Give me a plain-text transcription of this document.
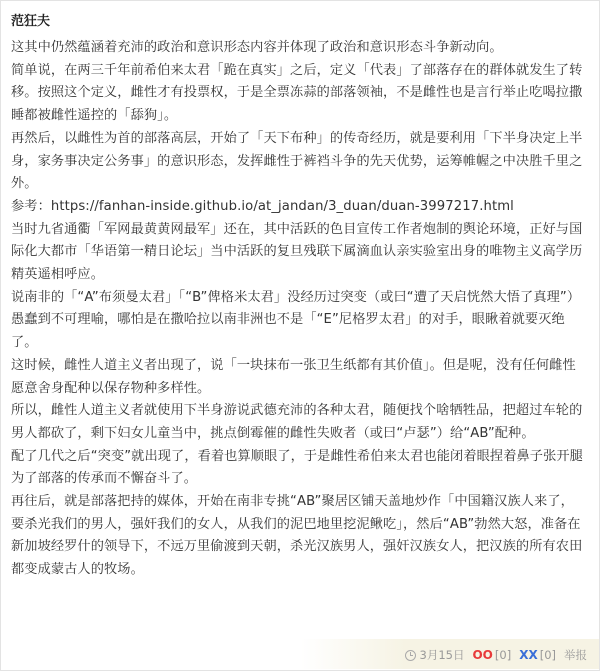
范狂夫

这其中仍然蕴涵着充沛的政治和意识形态内容并体现了政治和意识形态斗争新动向。

简单说，在两三千年前希伯来太君「跪在真实」之后，定义「代表」了部落存在的群体就发生了转移。按照这个定义，雌性才有投票权，于是全票冻蒜的部落领袖，不是雌性也是言行举止吃喝拉撒睡都被雌性遥控的「舔狗」。

再然后，以雌性为首的部落高层，开始了「天下布种」的传奇经历，就是要利用「下半身决定上半身，家务事决定公务事」的意识形态，发挥雌性于裤裆斗争的先天优势，运筹帷幄之中决胜千里之外。

参考：https://fanhan-inside.github.io/at_jandan/3_duan/duan-3997217.html

当时九省通衢「军网最黄黄网最军」还在，其中活跃的色目宣传工作者炮制的舆论环境，正好与国际化大都市「华语第一精日论坛」当中活跃的复旦残联下属滴血认亲实验室出身的唯物主义高学历精英遥相呼应。

说南非的「“A”布须曼太君」「“B”俾格米太君」没经历过突变（或曰“遭了天启恍然大悟了真理”）愚蠢到不可理喻，哪怕是在撒哈拉以南非洲也不是「“E”尼格罗太君」的对手，眼瞅着就要灭绝了。

这时候，雌性人道主义者出现了，说「一块抹布一张卫生纸都有其价值」。但是呢，没有任何雌性愿意舍身配种以保存物种多样性。

所以，雌性人道主义者就使用下半身游说武德充沛的各种太君，随便找个啥牺牲品，把超过车轮的男人都砍了，剩下妇女儿童当中，挑点倒霉催的雌性失败者（或曰“卢瑟”）给“AB”配种。

配了几代之后“突变”就出现了，看着也算顺眼了，于是雌性希伯来太君也能闭着眼捏着鼻子张开腿为了部落的传承而不懈奋斗了。

再往后，就是部落把持的媒体，开始在南非专挑“AB”聚居区铺天盖地炒作「中国籍汉族人来了，要杀光我们的男人，强奸我们的女人，从我们的泥巴地里挖泥鳅吃」，然后“AB”勃然大怒，准备在新加坡经罗什的领导下，不远万里偷渡到天朝，杀光汉族男人，强奸汉族女人，把汉族的所有农田都变成蒙古人的牧场。

3月15日 OO [0] XX [0] 举报
